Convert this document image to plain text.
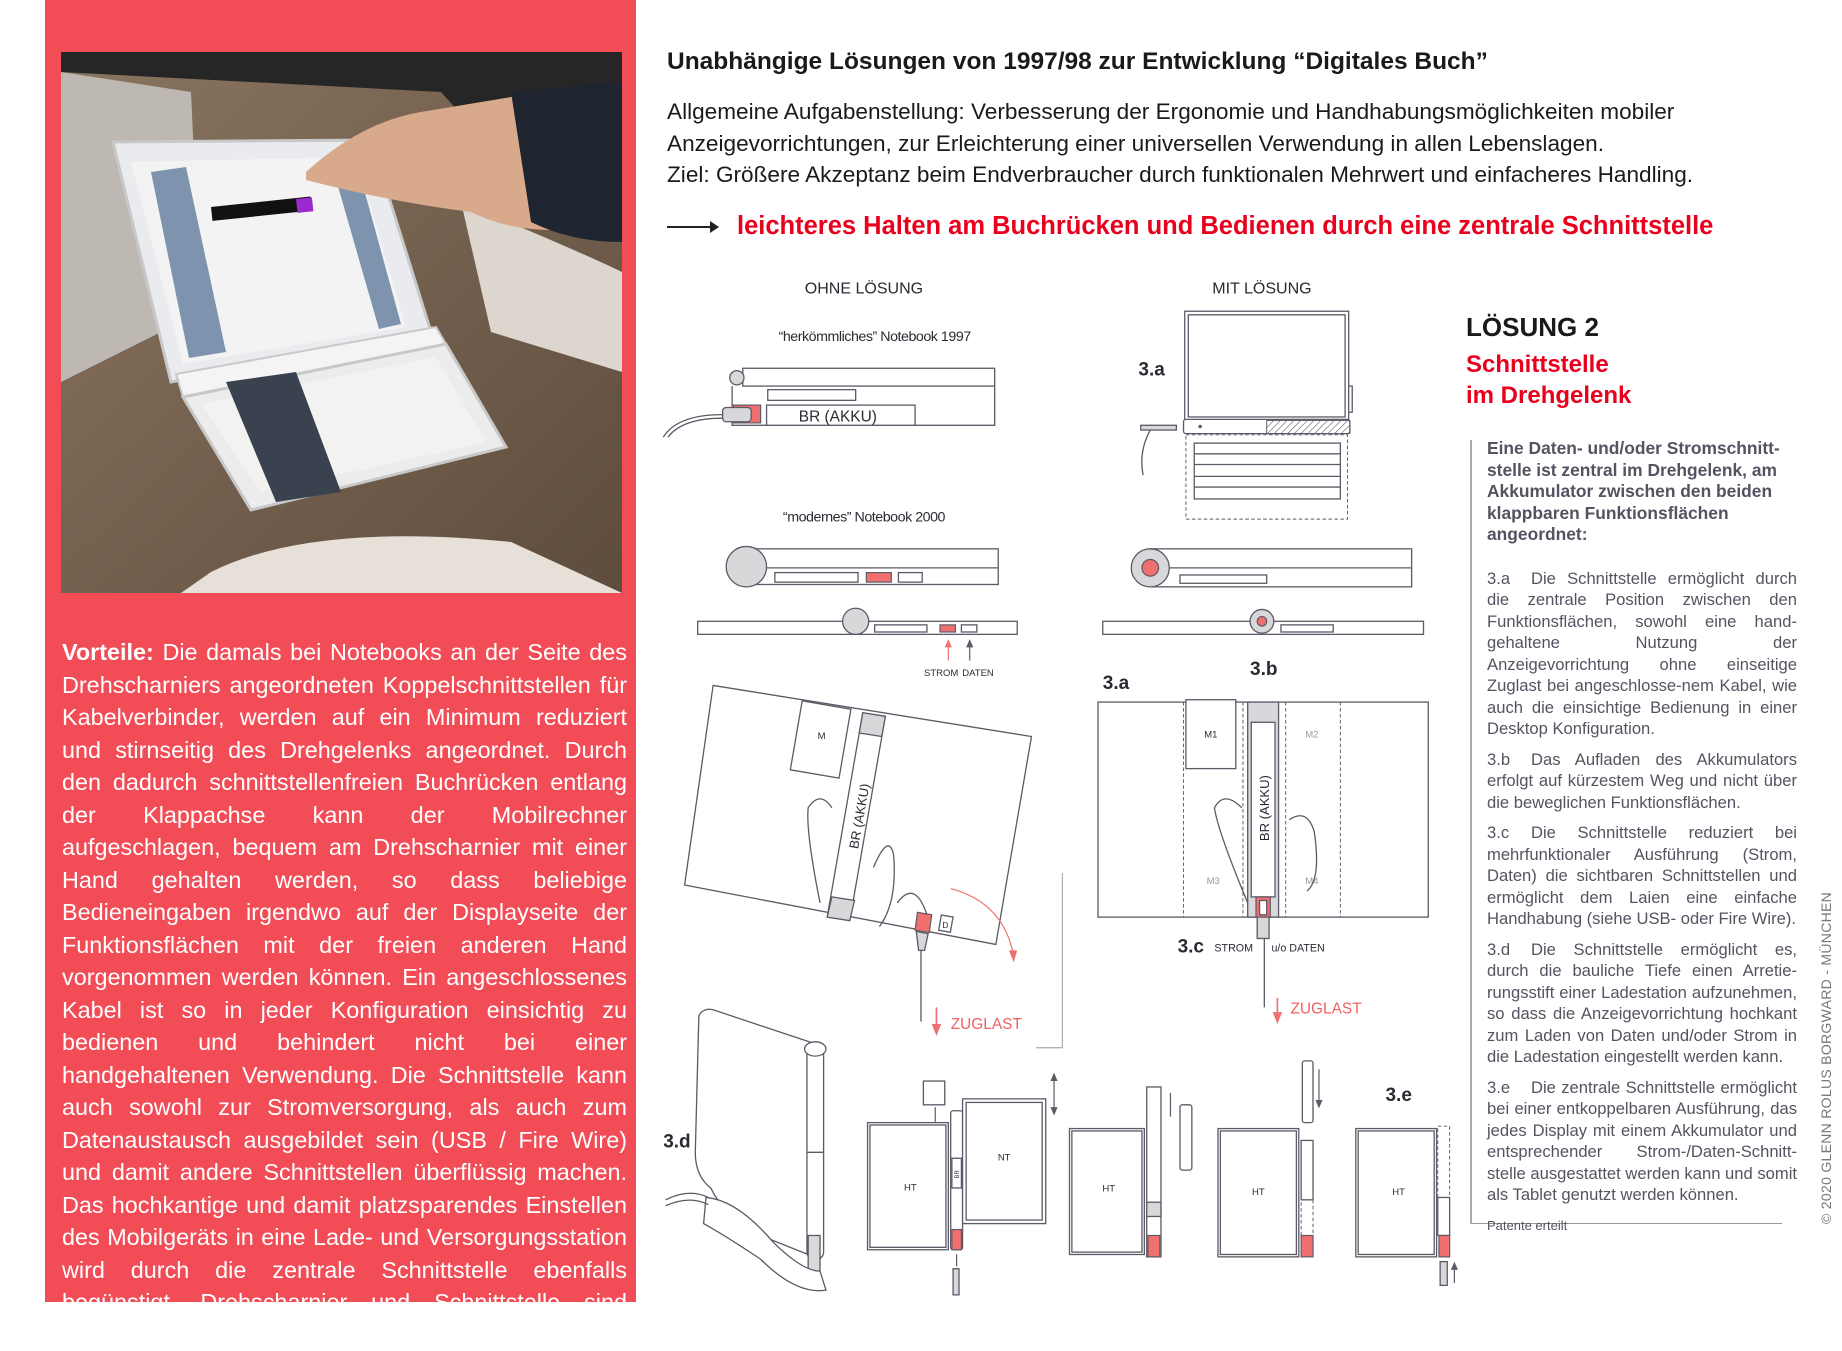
Vorteile: Die damals bei Notebooks an der Seite des Drehscharniers angeordneten Koppelschnittstellen für Kabelverbinder, werden auf ein Minimum reduziert und stirnseitig des Drehgelenks angeordnet. Durch den dadurch schnittstellenfreien Buchrücken entlang der Klappachse kann der Mobilrechner aufgeschlagen, bequem am Drehscharnier mit einer Hand gehalten werden, so dass beliebige Bedieneingaben irgendwo auf der Displayseite der Funktionsflächen mit der freien anderen Hand vorgenommen werden können. Ein angeschlossenes Kabel ist so in jeder Konfiguration einsichtig zu bedienen und behindert nicht bei einer handgehaltenen Verwendung. Die Schnittstelle kann auch sowohl zur Stromversorgung, als auch zum Datenaustausch ausgebildet sein (USB / Fire Wire) und damit andere Schnittstellen überflüssig machen. Das hochkantige und damit platzsparendes Einstellen des Mobilgeräts in eine Lade- und Versorgungsstation wird durch die zentrale Schnittstelle ebenfalls begünstigt. Drehscharnier und Schnittstelle sind geräteprägend.
Unabhängige Lösungen von 1997/98 zur Entwicklung “Digitales Buch”
Allgemeine Aufgabenstellung: Verbesserung der Ergonomie und Handhabungsmöglichkeiten mobiler
Anzeigevorrichtungen, zur Erleichterung einer universellen Verwendung in allen Lebenslagen.
Ziel: Größere Akzeptanz beim Endverbraucher durch funktionalen Mehrwert und einfacheres Handling.
leichteres Halten am Buchrücken und Bedienen durch eine zentrale Schnittstelle
OHNE LÖSUNG	MIT LÖSUNG
“herkömmliches” Notebook 1997
BR (AKKU)
“modernes” Notebook 2000
STROM DATEN
3.a
3.b
3.a
M
BR (AKKU)
D
ZUGLAST
M1
BR (AKKU)
M2
M3	M4
3.c STROM u/o DATEN
ZUGLAST
3.d
HT
BR
NT
HT	HT
3.e
HT
LÖSUNG 2
Schnittstelle
im Drehgelenk
Eine Daten- und/oder Stromschnitt-stelle ist zentral im Drehgelenk, am Akkumulator zwischen den beiden klappbaren Funktionsflächen angeordnet:
3.a Die Schnittstelle ermöglicht durch die zentrale Position zwischen den Funktionsflächen, sowohl eine hand-gehaltene Nutzung der Anzeigevorrichtung ohne einseitige Zuglast bei angeschlosse-nem Kabel, wie auch die einsichtige Bedienung in einer Desktop Konfiguration.
3.b Das Aufladen des Akkumulators erfolgt auf kürzestem Weg und nicht über die beweglichen Funktionsflächen.
3.c Die Schnittstelle reduziert bei mehrfunktionaler Ausführung (Strom, Daten) die sichtbaren Schnittstellen und ermöglicht dem Laien eine einfache Handhabung (siehe USB- oder Fire Wire).
3.d Die Schnittstelle ermöglicht es, durch die bauliche Tiefe einen Arretie-rungsstift einer Ladestation aufzunehmen, so dass die Anzeigevorrichtung hochkant zum Laden von Daten und/oder Strom in die Ladestation eingestellt werden kann.
3.e Die zentrale Schnittstelle ermöglicht bei einer entkoppelbaren Ausführung, das jedes Display mit einem Akkumulator und entsprechender Strom-/Daten-Schnitt-stelle ausgestattet werden kann und somit als Tablet genutzt werden können.
Patente erteilt
© 2020 GLENN ROLUS BORGWARD - MÜNCHEN
